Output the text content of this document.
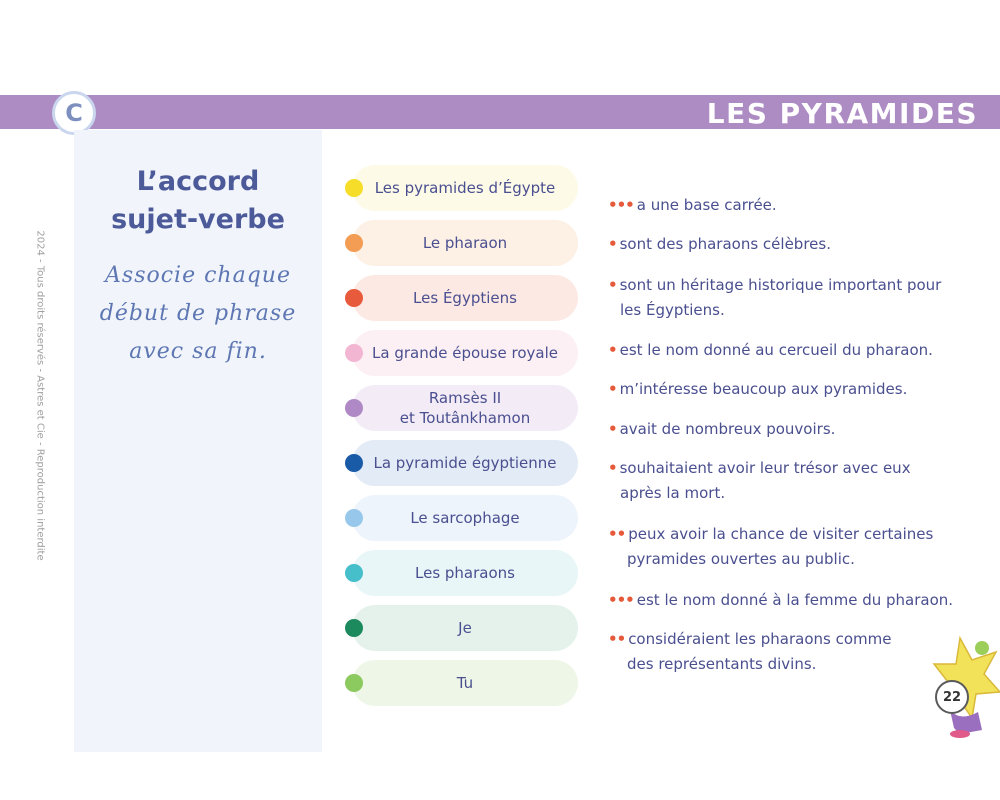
C	LES PYRAMIDES
2024 - Tous droits réservés - Astres et Cie - Reproduction interdite
L’accord
sujet-verbe
Associe chaque
début de phrase
avec sa fin.
Les pyramides d’Égypte
Le pharaon
Les Égyptiens
La grande épouse royale
Ramsès II
et Toutânkhamon
La pyramide égyptienne
Le sarcophage
Les pharaons
Je
Tu
••• a une base carrée.
• sont des pharaons célèbres.
• sont un héritage historique important pour
les Égyptiens.
• est le nom donné au cercueil du pharaon.
• m’intéresse beaucoup aux pyramides.
• avait de nombreux pouvoirs.
• souhaitaient avoir leur trésor avec eux
après la mort.
•• peux avoir la chance de visiter certaines
pyramides ouvertes au public.
••• est le nom donné à la femme du pharaon.
•• considéraient les pharaons comme
des représentants divins.
22
